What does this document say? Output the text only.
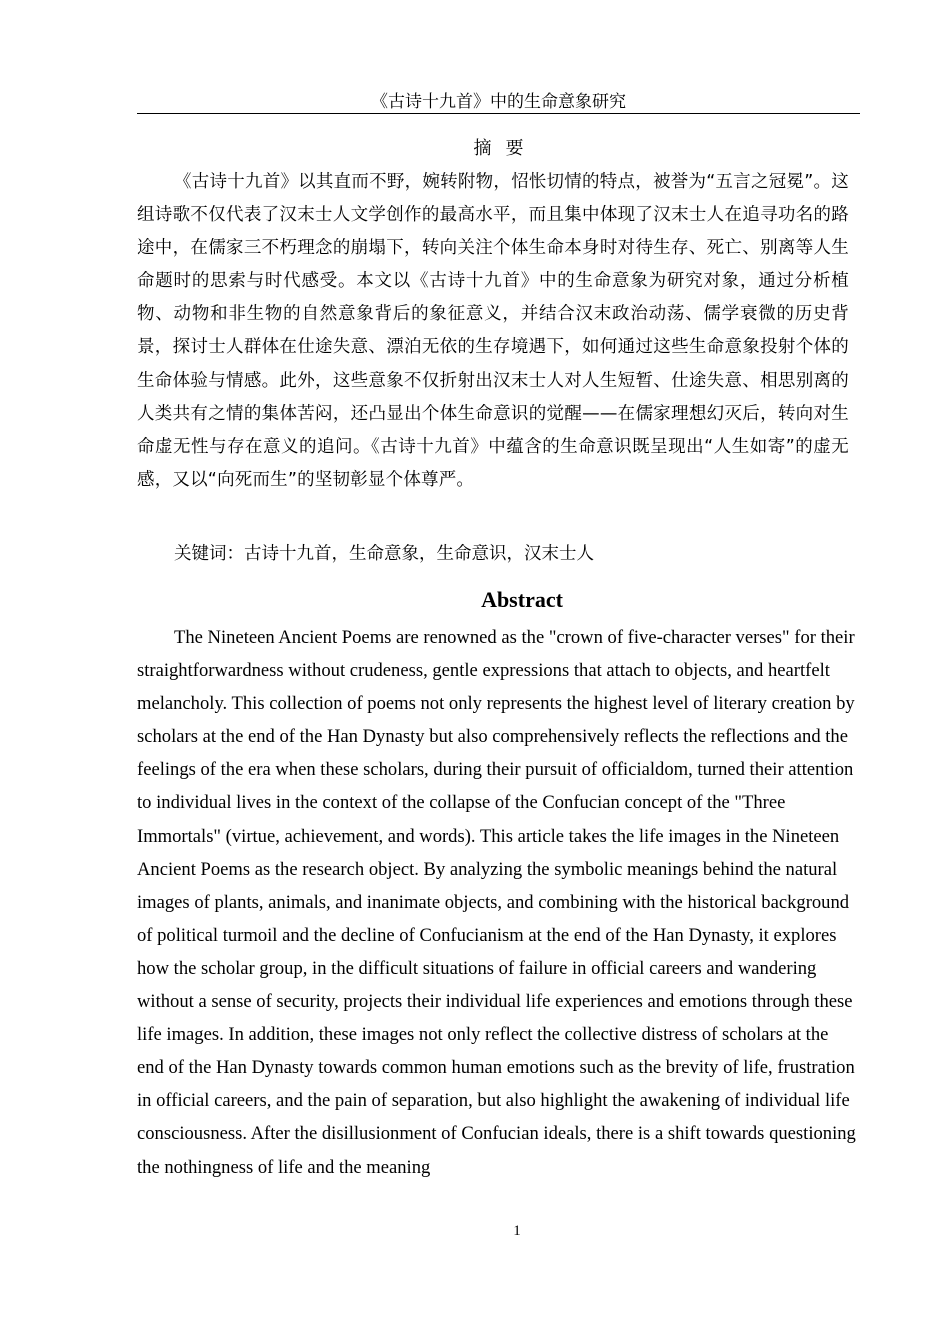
《古诗十九首》中的生命意象研究
摘要

《古诗十九首》以其直而不野，婉转附物，怊怅切情的特点，被誉为“五言之冠冕”。这组诗歌不仅代表了汉末士人文学创作的最高水平，而且集中体现了汉末士人在追寻功名的路途中，在儒家三不朽理念的崩塌下，转向关注个体生命本身时对待生存、死亡、别离等人生命题时的思索与时代感受。本文以《古诗十九首》中的生命意象为研究对象，通过分析植物、动物和非生物的自然意象背后的象征意义，并结合汉末政治动荡、儒学衰微的历史背景，探讨士人群体在仕途失意、漂泊无依的生存境遇下，如何通过这些生命意象投射个体的生命体验与情感。此外，这些意象不仅折射出汉末士人对人生短暂、仕途失意、相思别离的人类共有之情的集体苦闷，还凸显出个体生命意识的觉醒——在儒家理想幻灭后，转向对生命虚无性与存在意义的追问。《古诗十九首》中蕴含的生命意识既呈现出“人生如寄”的虚无感，又以“向死而生”的坚韧彰显个体尊严。

关键词：古诗十九首，生命意象，生命意识，汉末士人
Abstract

The Nineteen Ancient Poems are renowned as the "crown of five-character verses" for their straightforwardness without crudeness, gentle expressions that attach to objects, and heartfelt melancholy. This collection of poems not only represents the highest level of literary creation by scholars at the end of the Han Dynasty but also comprehensively reflects the reflections and the feelings of the era when these scholars, during their pursuit of officialdom, turned their attention to individual lives in the context of the collapse of the Confucian concept of the "Three Immortals" (virtue, achievement, and words). This article takes the life images in the Nineteen Ancient Poems as the research object. By analyzing the symbolic meanings behind the natural images of plants, animals, and inanimate objects, and combining with the historical background of political turmoil and the decline of Confucianism at the end of the Han Dynasty, it explores how the scholar group, in the difficult situations of failure in official careers and wandering without a sense of security, projects their individual life experiences and emotions through these life images. In addition, these images not only reflect the collective distress of scholars at the end of the Han Dynasty towards common human emotions such as the brevity of life, frustration in official careers, and the pain of separation, but also highlight the awakening of individual life consciousness. After the disillusionment of Confucian ideals, there is a shift towards questioning the nothingness of life and the meaning

1
